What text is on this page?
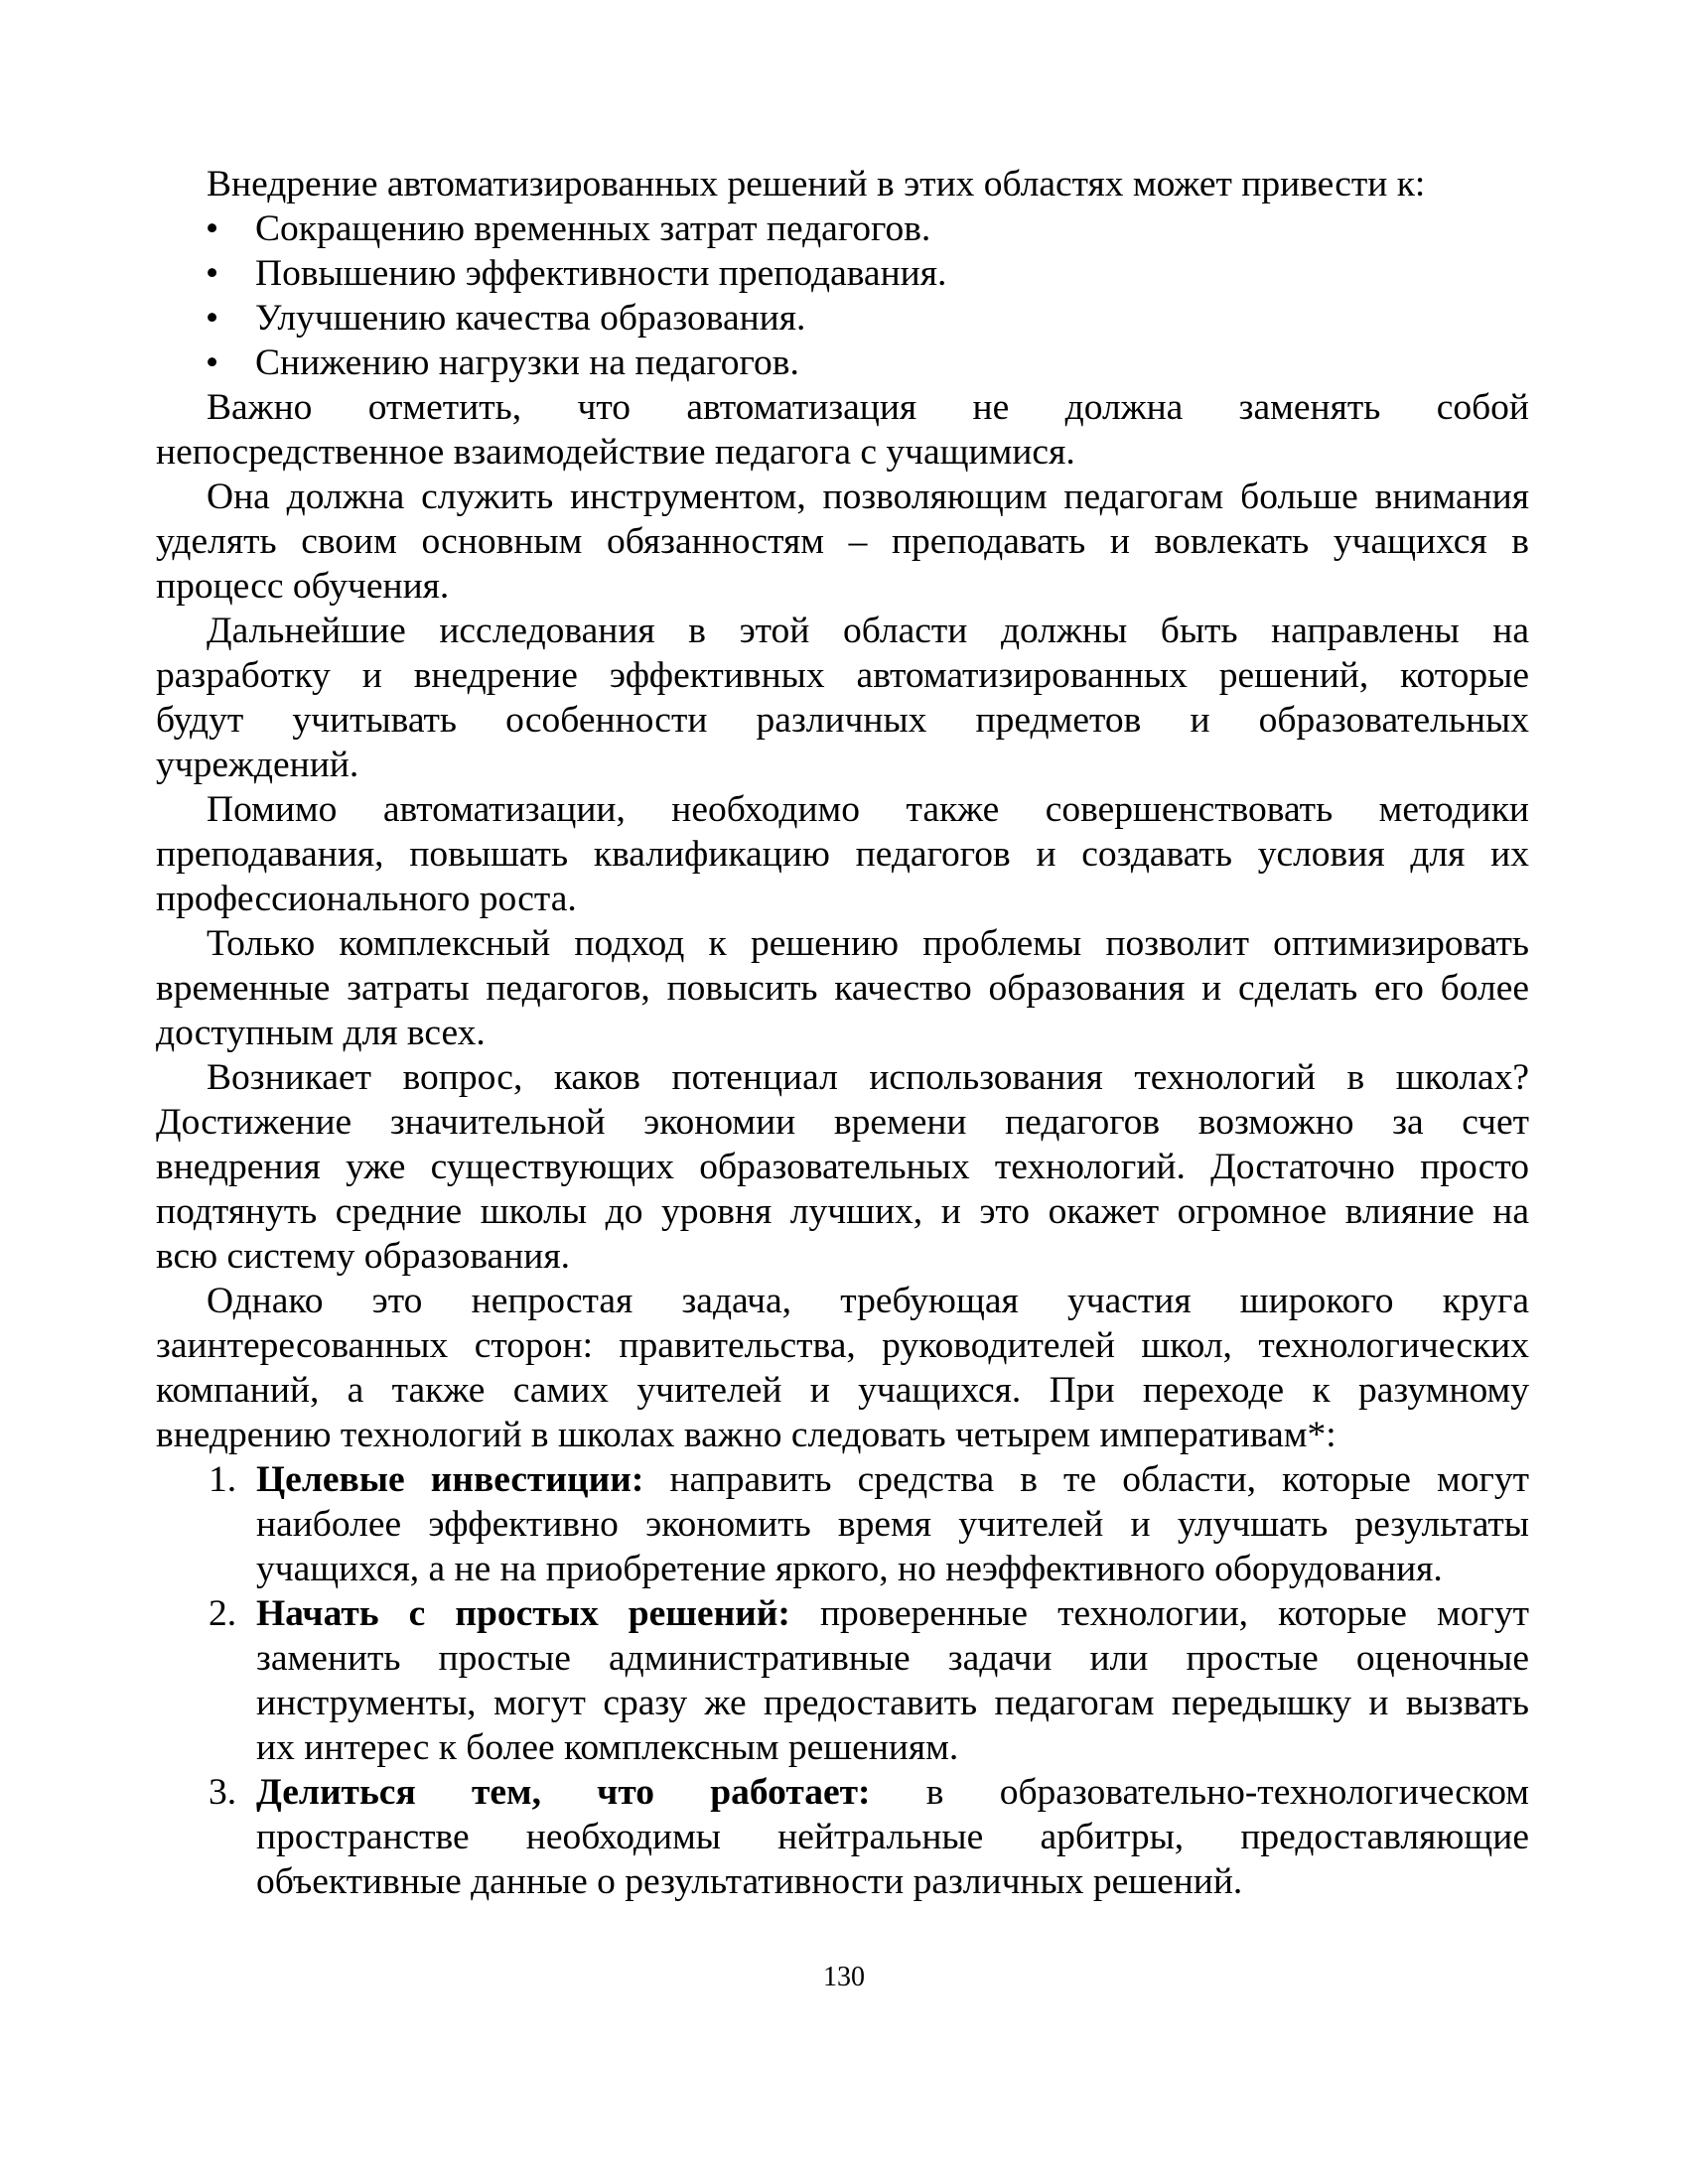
Внедрение автоматизированных решений в этих областях может привести к:
• Сокращению временных затрат педагогов.
• Повышению эффективности преподавания.
• Улучшению качества образования.
• Снижению нагрузки на педагогов.
Важно отметить, что автоматизация не должна заменять собой
непосредственное взаимодействие педагога с учащимися.
Она должна служить инструментом, позволяющим педагогам больше внимания
уделять своим основным обязанностям – преподавать и вовлекать учащихся в
процесс обучения.
Дальнейшие исследования в этой области должны быть направлены на
разработку и внедрение эффективных автоматизированных решений, которые
будут учитывать особенности различных предметов и образовательных
учреждений.
Помимо автоматизации, необходимо также совершенствовать методики
преподавания, повышать квалификацию педагогов и создавать условия для их
профессионального роста.
Только комплексный подход к решению проблемы позволит оптимизировать
временные затраты педагогов, повысить качество образования и сделать его более
доступным для всех.
Возникает вопрос, каков потенциал использования технологий в школах?
Достижение значительной экономии времени педагогов возможно за счет
внедрения уже существующих образовательных технологий. Достаточно просто
подтянуть средние школы до уровня лучших, и это окажет огромное влияние на
всю систему образования.
Однако это непростая задача, требующая участия широкого круга
заинтересованных сторон: правительства, руководителей школ, технологических
компаний, а также самих учителей и учащихся. При переходе к разумному
внедрению технологий в школах важно следовать четырем императивам*:
1. Целевые инвестиции: направить средства в те области, которые могут
наиболее эффективно экономить время учителей и улучшать результаты
учащихся, а не на приобретение яркого, но неэффективного оборудования.
2. Начать с простых решений: проверенные технологии, которые могут
заменить простые административные задачи или простые оценочные
инструменты, могут сразу же предоставить педагогам передышку и вызвать
их интерес к более комплексным решениям.
3. Делиться тем, что работает: в образовательно-технологическом
пространстве необходимы нейтральные арбитры, предоставляющие
объективные данные о результативности различных решений.
130
